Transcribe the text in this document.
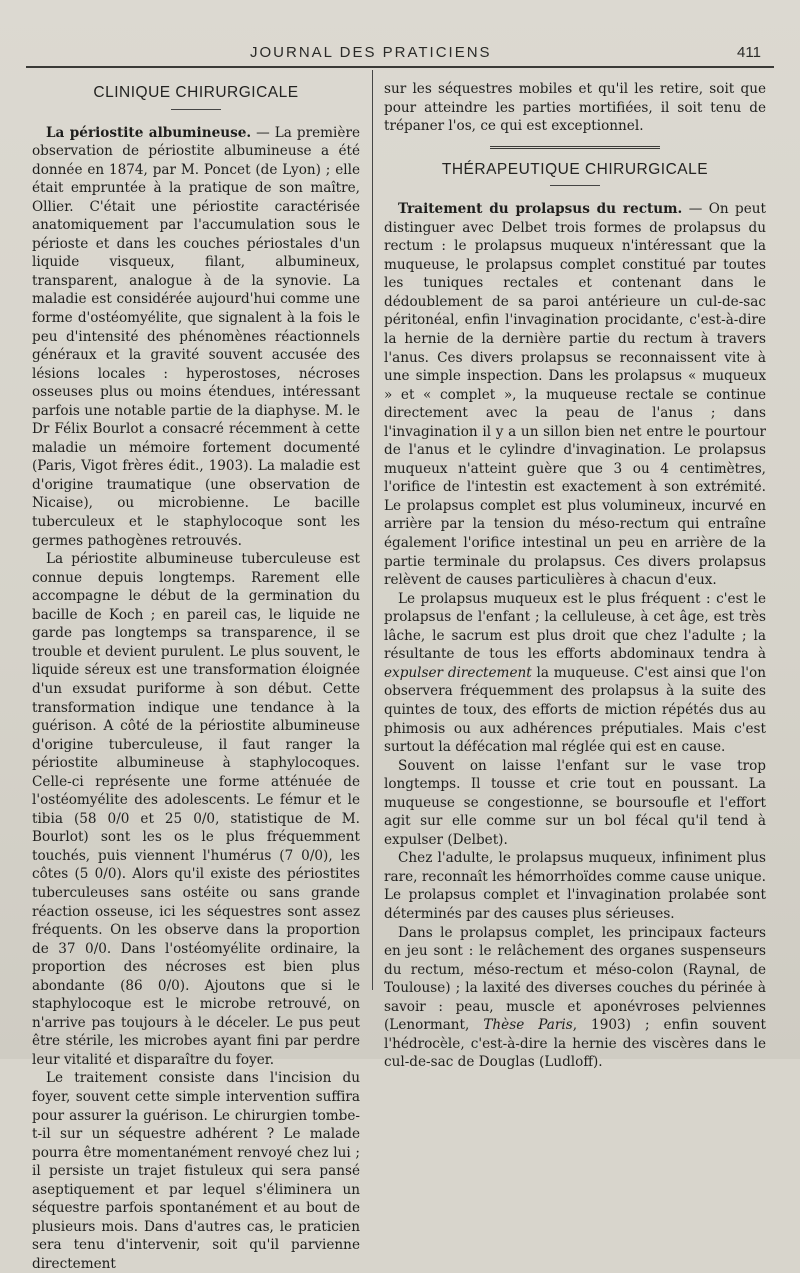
JOURNAL DES PRATICIENS	411
CLINIQUE CHIRURGICALE

La périostite albumineuse. — La première observation de périostite albumineuse a été donnée en 1874, par M. Poncet (de Lyon) ; elle était empruntée à la pratique de son maître, Ollier. C'était une périostite caractérisée anatomiquement par l'accumulation sous le périoste et dans les couches périostales d'un liquide visqueux, filant, albumineux, transparent, analogue à de la synovie. La maladie est considérée aujourd'hui comme une forme d'ostéomyélite, que signalent à la fois le peu d'intensité des phénomènes réactionnels généraux et la gravité souvent accusée des lésions locales : hyperostoses, nécroses osseuses plus ou moins étendues, intéressant parfois une notable partie de la diaphyse. M. le Dr Félix Bourlot a consacré récemment à cette maladie un mémoire fortement documenté (Paris, Vigot frères édit., 1903). La maladie est d'origine traumatique (une observation de Nicaise), ou microbienne. Le bacille tuberculeux et le staphylocoque sont les germes pathogènes retrouvés.

La périostite albumineuse tuberculeuse est connue depuis longtemps. Rarement elle accompagne le début de la germination du bacille de Koch ; en pareil cas, le liquide ne garde pas longtemps sa transparence, il se trouble et devient purulent. Le plus souvent, le liquide séreux est une transformation éloignée d'un exsudat puriforme à son début. Cette transformation indique une tendance à la guérison. A côté de la périostite albumineuse d'origine tuberculeuse, il faut ranger la périostite albumineuse à staphylocoques. Celle-ci représente une forme atténuée de l'ostéomyélite des adolescents. Le fémur et le tibia (58 0/0 et 25 0/0, statistique de M. Bourlot) sont les os le plus fréquemment touchés, puis viennent l'humérus (7 0/0), les côtes (5 0/0). Alors qu'il existe des périostites tuberculeuses sans ostéite ou sans grande réaction osseuse, ici les séquestres sont assez fréquents. On les observe dans la proportion de 37 0/0. Dans l'ostéomyélite ordinaire, la proportion des nécroses est bien plus abondante (86 0/0). Ajoutons que si le staphylocoque est le microbe retrouvé, on n'arrive pas toujours à le déceler. Le pus peut être stérile, les microbes ayant fini par perdre leur vitalité et disparaître du foyer.

Le traitement consiste dans l'incision du foyer, souvent cette simple intervention suffira pour assurer la guérison. Le chirurgien tombe-t-il sur un séquestre adhérent ? Le malade pourra être momentanément renvoyé chez lui ; il persiste un trajet fistuleux qui sera pansé aseptiquement et par lequel s'éliminera un séquestre parfois spontanément et au bout de plusieurs mois. Dans d'autres cas, le praticien sera tenu d'intervenir, soit qu'il parvienne directement

sur les séquestres mobiles et qu'il les retire, soit que pour atteindre les parties mortifiées, il soit tenu de trépaner l'os, ce qui est exceptionnel.

THÉRAPEUTIQUE CHIRURGICALE

Traitement du prolapsus du rectum. — On peut distinguer avec Delbet trois formes de prolapsus du rectum : le prolapsus muqueux n'intéressant que la muqueuse, le prolapsus complet constitué par toutes les tuniques rectales et contenant dans le dédoublement de sa paroi antérieure un cul-de-sac péritonéal, enfin l'invagination procidante, c'est-à-dire la hernie de la dernière partie du rectum à travers l'anus. Ces divers prolapsus se reconnaissent vite à une simple inspection. Dans les prolapsus « muqueux » et « complet », la muqueuse rectale se continue directement avec la peau de l'anus ; dans l'invagination il y a un sillon bien net entre le pourtour de l'anus et le cylindre d'invagination. Le prolapsus muqueux n'atteint guère que 3 ou 4 centimètres, l'orifice de l'intestin est exactement à son extrémité. Le prolapsus complet est plus volumineux, incurvé en arrière par la tension du méso-rectum qui entraîne également l'orifice intestinal un peu en arrière de la partie terminale du prolapsus. Ces divers prolapsus relèvent de causes particulières à chacun d'eux.

Le prolapsus muqueux est le plus fréquent : c'est le prolapsus de l'enfant ; la celluleuse, à cet âge, est très lâche, le sacrum est plus droit que chez l'adulte ; la résultante de tous les efforts abdominaux tendra à expulser directement la muqueuse. C'est ainsi que l'on observera fréquemment des prolapsus à la suite des quintes de toux, des efforts de miction répétés dus au phimosis ou aux adhérences préputiales. Mais c'est surtout la défécation mal réglée qui est en cause.

Souvent on laisse l'enfant sur le vase trop longtemps. Il tousse et crie tout en poussant. La muqueuse se congestionne, se boursoufle et l'effort agit sur elle comme sur un bol fécal qu'il tend à expulser (Delbet).

Chez l'adulte, le prolapsus muqueux, infiniment plus rare, reconnaît les hémorrhoïdes comme cause unique. Le prolapsus complet et l'invagination prolabée sont déterminés par des causes plus sérieuses.

Dans le prolapsus complet, les principaux facteurs en jeu sont : le relâchement des organes suspenseurs du rectum, méso-rectum et méso-colon (Raynal, de Toulouse) ; la laxité des diverses couches du périnée à savoir : peau, muscle et aponévroses pelviennes (Lenormant, Thèse Paris, 1903) ; enfin souvent l'hédrocèle, c'est-à-dire la hernie des viscères dans le cul-de-sac de Douglas (Ludloff).
